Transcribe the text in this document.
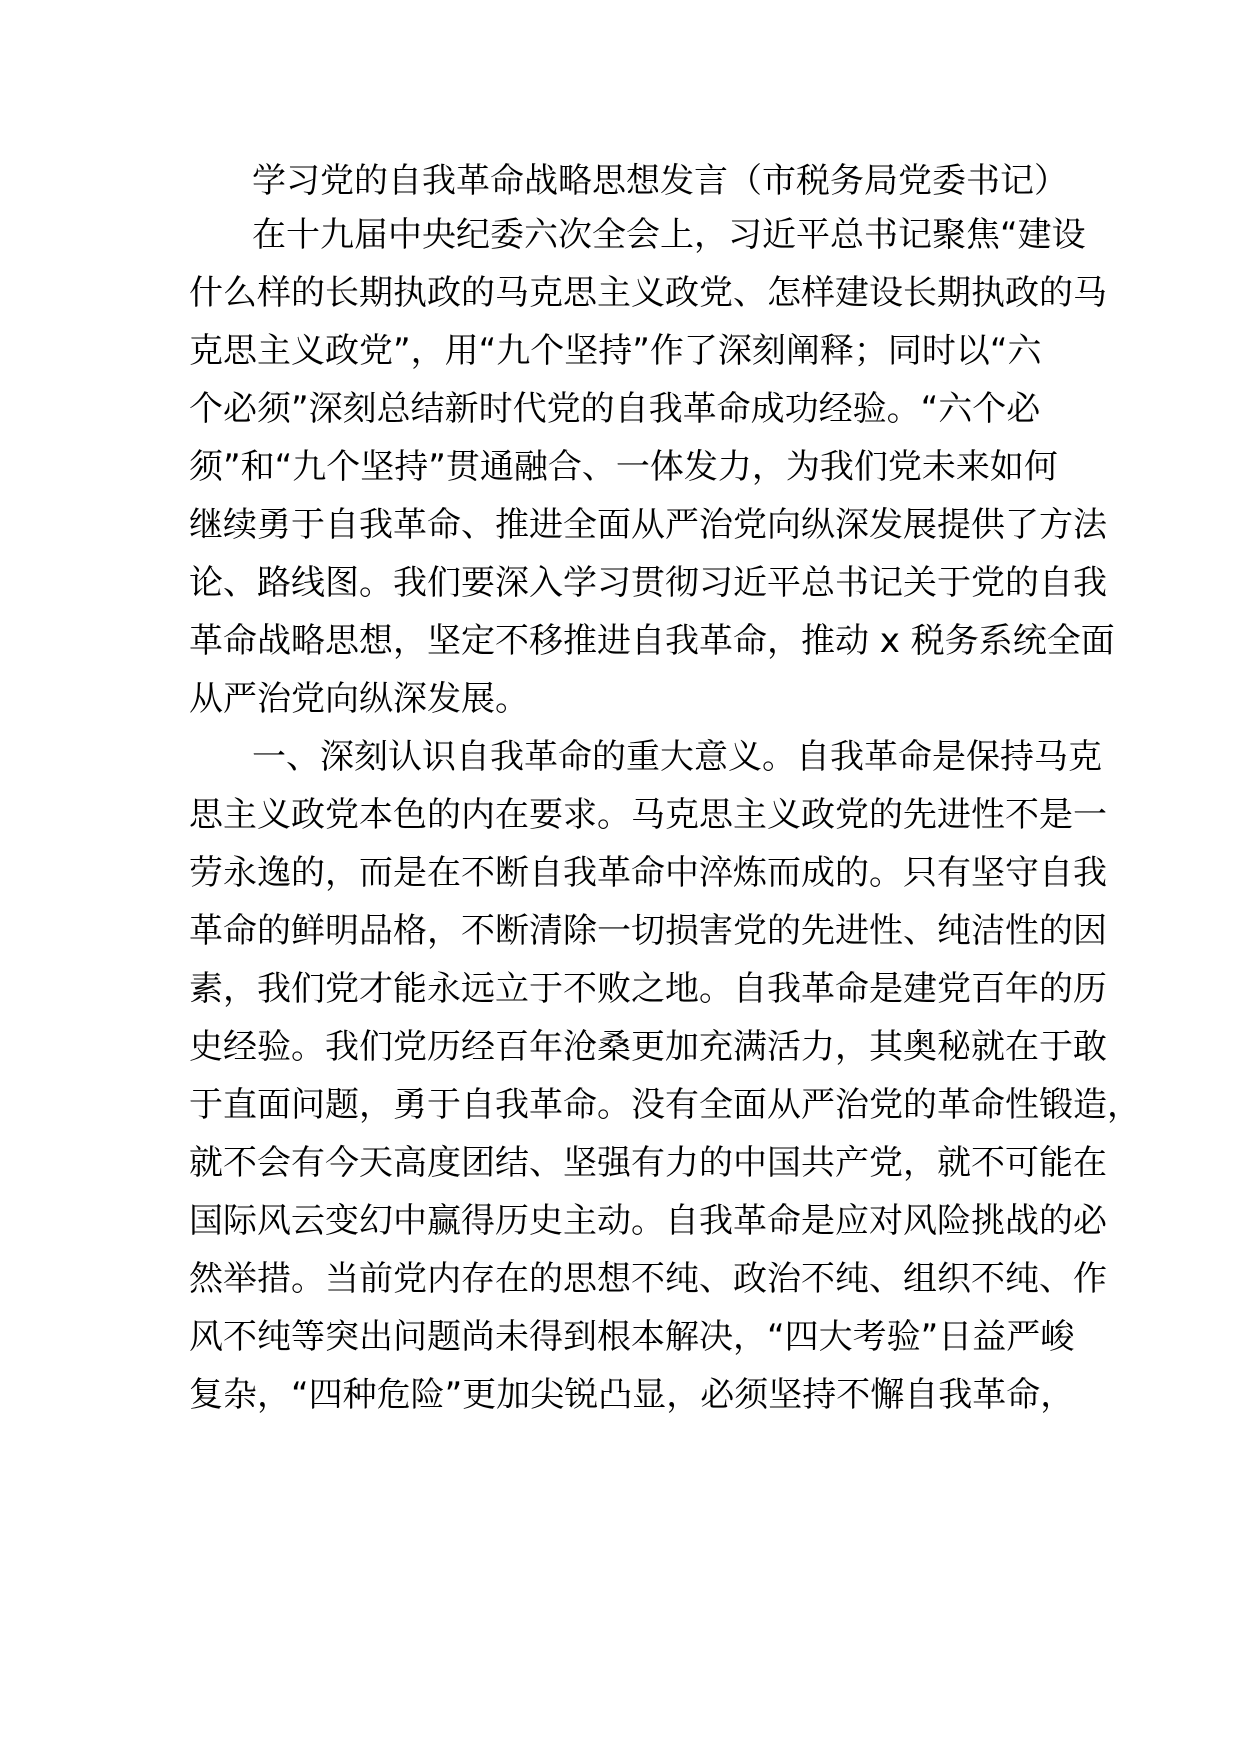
学习党的自我革命战略思想发言（市税务局党委书记）
在十九届中央纪委六次全会上，习近平总书记聚焦“建设
什么样的长期执政的马克思主义政党、怎样建设长期执政的马
克思主义政党”，用“九个坚持”作了深刻阐释；同时以“六
个必须”深刻总结新时代党的自我革命成功经验。“六个必
须”和“九个坚持”贯通融合、一体发力，为我们党未来如何
继续勇于自我革命、推进全面从严治党向纵深发展提供了方法
论、路线图。我们要深入学习贯彻习近平总书记关于党的自我
革命战略思想，坚定不移推进自我革命，推动 x 税务系统全面
从严治党向纵深发展。
一、深刻认识自我革命的重大意义。自我革命是保持马克
思主义政党本色的内在要求。马克思主义政党的先进性不是一
劳永逸的，而是在不断自我革命中淬炼而成的。只有坚守自我
革命的鲜明品格，不断清除一切损害党的先进性、纯洁性的因
素，我们党才能永远立于不败之地。自我革命是建党百年的历
史经验。我们党历经百年沧桑更加充满活力，其奥秘就在于敢
于直面问题，勇于自我革命。没有全面从严治党的革命性锻造，
就不会有今天高度团结、坚强有力的中国共产党，就不可能在
国际风云变幻中赢得历史主动。自我革命是应对风险挑战的必
然举措。当前党内存在的思想不纯、政治不纯、组织不纯、作
风不纯等突出问题尚未得到根本解决，“四大考验”日益严峻
复杂，“四种危险”更加尖锐凸显，必须坚持不懈自我革命，
